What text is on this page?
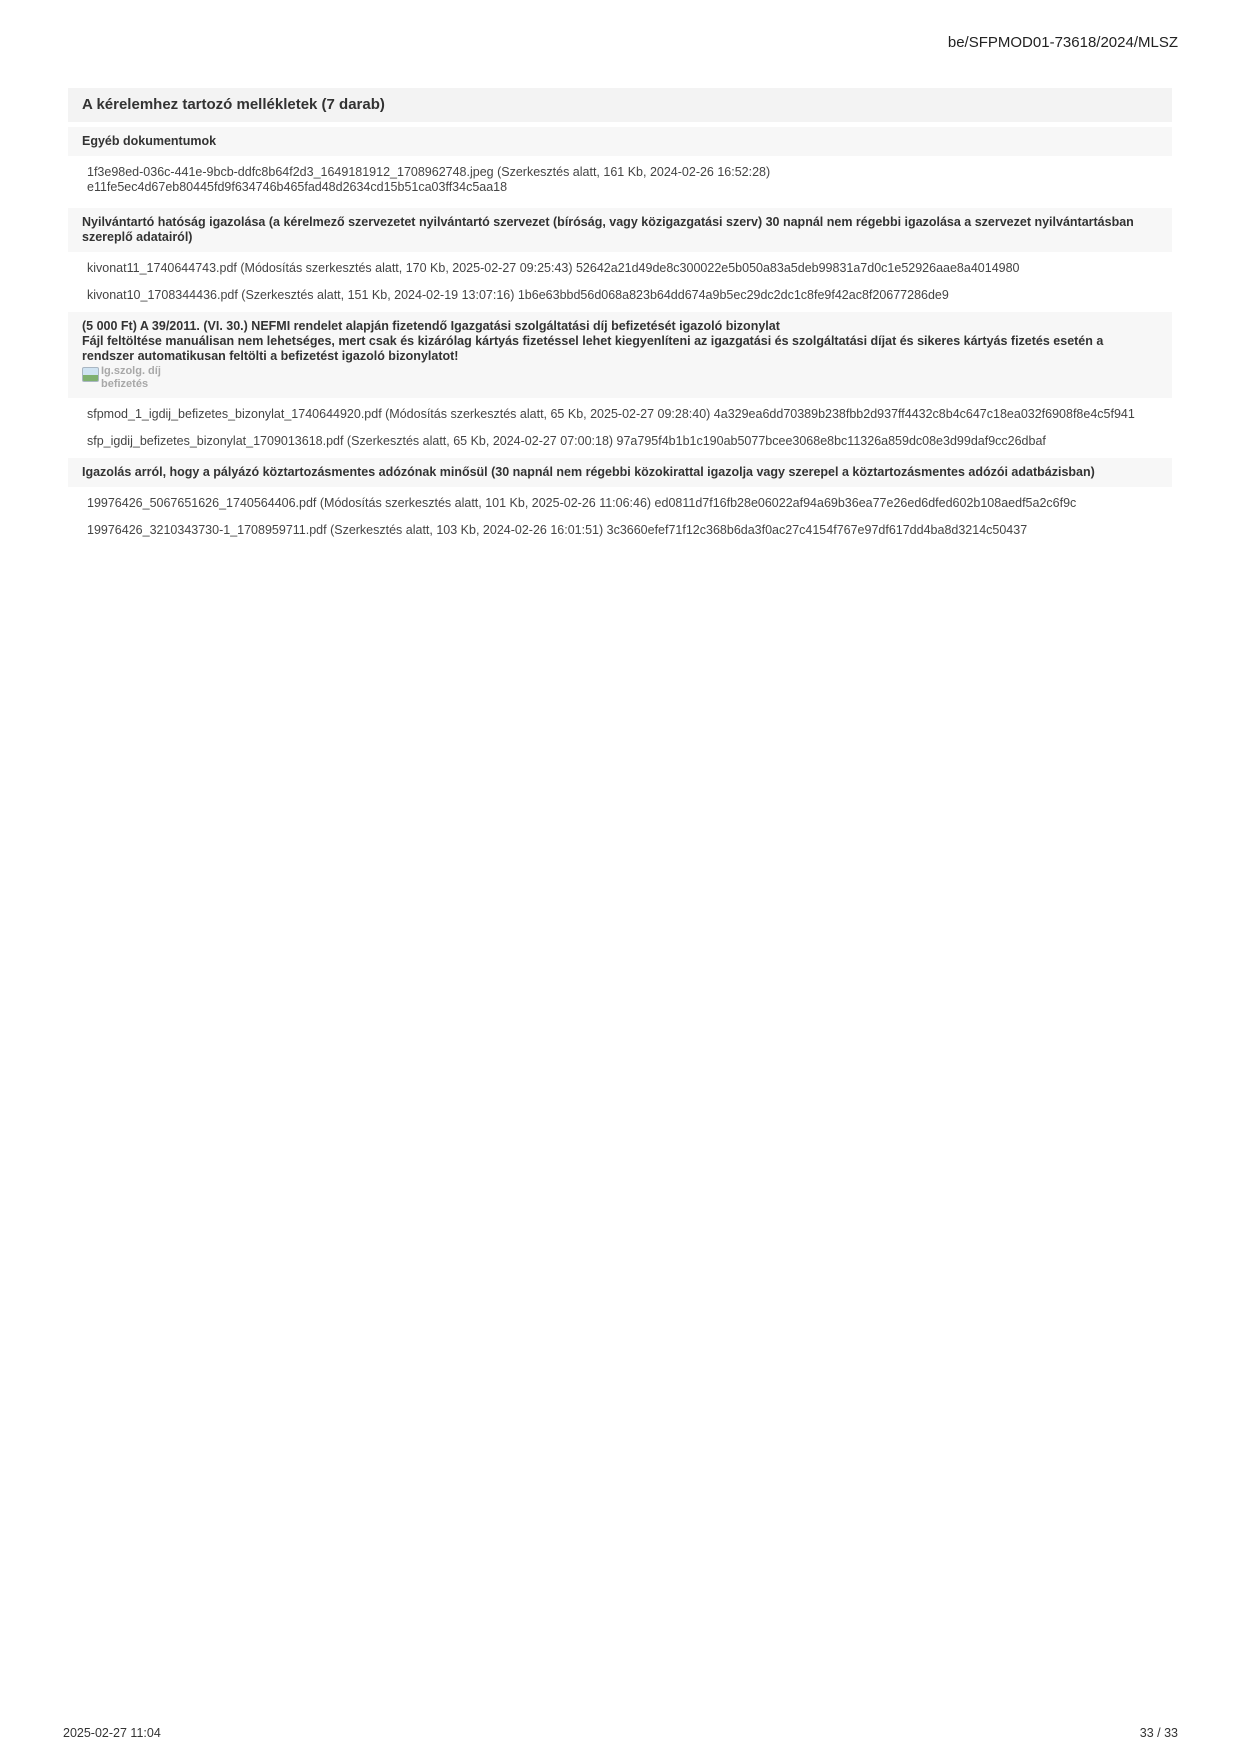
be/SFPMOD01-73618/2024/MLSZ
A kérelemhez tartozó mellékletek (7 darab)
Egyéb dokumentumok
1f3e98ed-036c-441e-9bcb-ddfc8b64f2d3_1649181912_1708962748.jpeg (Szerkesztés alatt, 161 Kb, 2024-02-26 16:52:28)
e11fe5ec4d67eb80445fd9f634746b465fad48d2634cd15b51ca03ff34c5aa18
Nyilvántartó hatóság igazolása (a kérelmező szervezetet nyilvántartó szervezet (bíróság, vagy közigazgatási szerv) 30 napnál nem régebbi igazolása a szervezet nyilvántartásban szereplő adatairól)
kivonat11_1740644743.pdf (Módosítás szerkesztés alatt, 170 Kb, 2025-02-27 09:25:43) 52642a21d49de8c300022e5b050a83a5deb99831a7d0c1e52926aae8a4014980
kivonat10_1708344436.pdf (Szerkesztés alatt, 151 Kb, 2024-02-19 13:07:16) 1b6e63bbd56d068a823b64dd674a9b5ec29dc2dc1c8fe9f42ac8f20677286de9
(5 000 Ft) A 39/2011. (VI. 30.) NEFMI rendelet alapján fizetendő Igazgatási szolgáltatási díj befizetését igazoló bizonylat
Fájl feltöltése manuálisan nem lehetséges, mert csak és kizárólag kártyás fizetéssel lehet kiegyenlíteni az igazgatási és szolgáltatási díjat és sikeres kártyás fizetés esetén a rendszer automatikusan feltölti a befizetést igazoló bizonylatot!
Ig.szolg. díj
befizetés
sfpmod_1_igdij_befizetes_bizonylat_1740644920.pdf (Módosítás szerkesztés alatt, 65 Kb, 2025-02-27 09:28:40) 4a329ea6dd70389b238fbb2d937ff4432c8b4c647c18ea032f6908f8e4c5f941
sfp_igdij_befizetes_bizonylat_1709013618.pdf (Szerkesztés alatt, 65 Kb, 2024-02-27 07:00:18) 97a795f4b1b1c190ab5077bcee3068e8bc11326a859dc08e3d99daf9cc26dbaf
Igazolás arról, hogy a pályázó köztartozásmentes adózónak minősül (30 napnál nem régebbi közokirattal igazolja vagy szerepel a köztartozásmentes adózói adatbázisban)
19976426_5067651626_1740564406.pdf (Módosítás szerkesztés alatt, 101 Kb, 2025-02-26 11:06:46) ed0811d7f16fb28e06022af94a69b36ea77e26ed6dfed602b108aedf5a2c6f9c
19976426_3210343730-1_1708959711.pdf (Szerkesztés alatt, 103 Kb, 2024-02-26 16:01:51) 3c3660efef71f12c368b6da3f0ac27c4154f767e97df617dd4ba8d3214c50437
2025-02-27 11:04	33 / 33
